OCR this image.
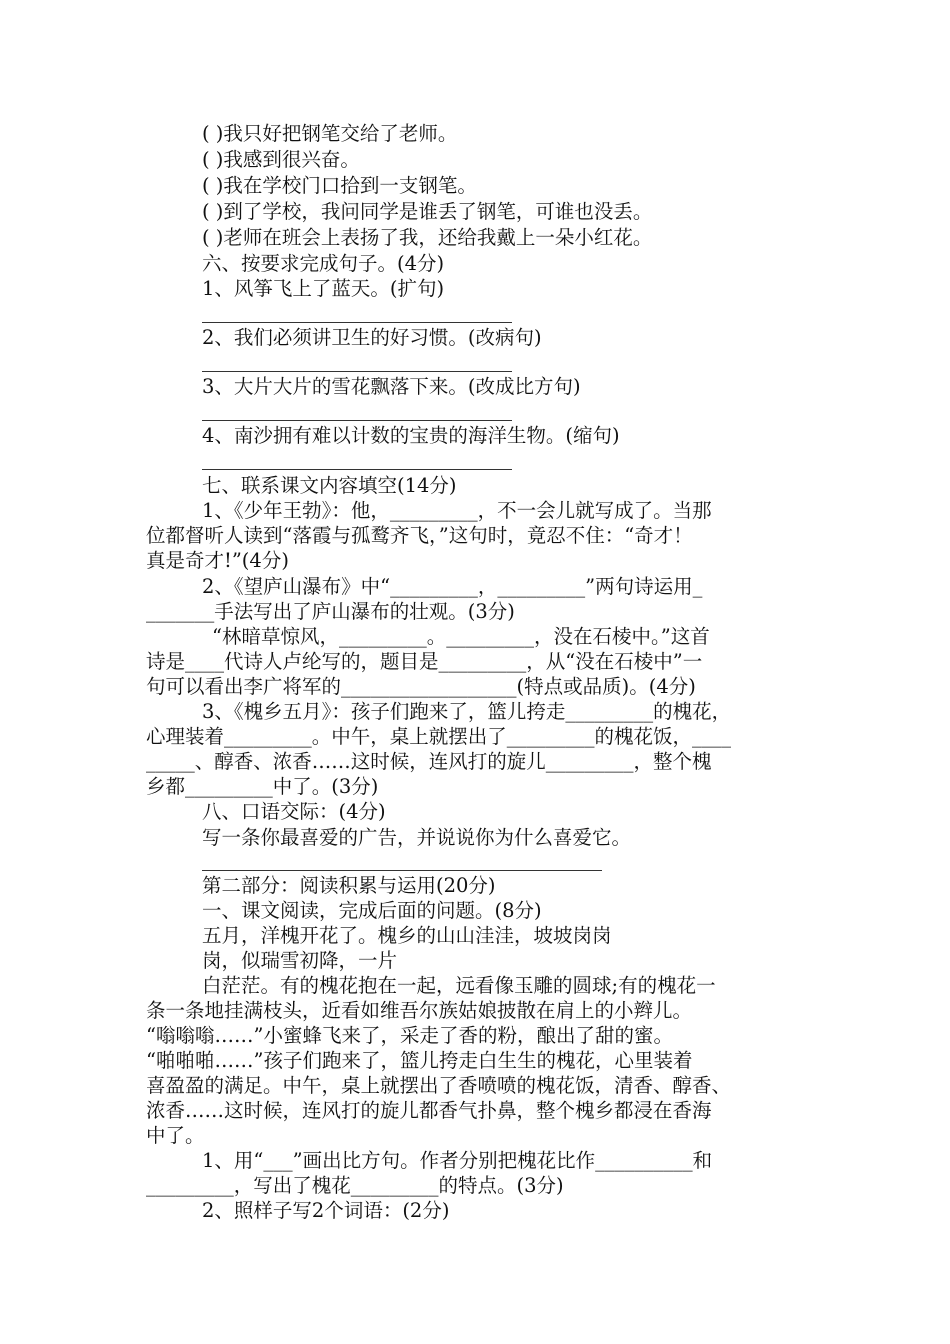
( )我只好把钢笔交给了老师。
( )我感到很兴奋。
( )我在学校门口拾到一支钢笔。
( )到了学校，我问同学是谁丢了钢笔，可谁也没丢。
( )老师在班会上表扬了我，还给我戴上一朵小红花。
六、按要求完成句子。(4分)
1、风筝飞上了蓝天。(扩句)
2、我们必须讲卫生的好习惯。(改病句)
3、大片大片的雪花飘落下来。(改成比方句)
4、南沙拥有难以计数的宝贵的海洋生物。(缩句)
七、联系课文内容填空(14分)
1、《少年王勃》：他，_________，不一会儿就写成了。当那
位都督听人读到“落霞与孤鹜齐飞，”这句时，竟忍不住：“奇才！
真是奇才!”(4分)
2、《望庐山瀑布》中“_________，_________”两句诗运用_
_______手法写出了庐山瀑布的壮观。(3分)
“林暗草惊风，_________。_________，没在石棱中。”这首
诗是____代诗人卢纶写的，题目是_________，从“没在石棱中”一
句可以看出李广将军的__________________(特点或品质)。(4分)
3、《槐乡五月》：孩子们跑来了，篮儿挎走_________的槐花，
心理装着_________。中午，桌上就摆出了_________的槐花饭，____
_____、醇香、浓香……这时候，连风打的旋儿_________，整个槐
乡都_________中了。(3分)
八、口语交际：(4分)
写一条你最喜爱的广告，并说说你为什么喜爱它。
第二部分：阅读积累与运用(20分)
一、课文阅读，完成后面的问题。(8分)
五月，洋槐开花了。槐乡的山山洼洼，坡坡岗岗
岗，似瑞雪初降，一片
白茫茫。有的槐花抱在一起，远看像玉雕的圆球;有的槐花一
条一条地挂满枝头，近看如维吾尔族姑娘披散在肩上的小辫儿。
“嗡嗡嗡……”小蜜蜂飞来了，采走了香的粉，酿出了甜的蜜。
“啪啪啪……”孩子们跑来了，篮儿挎走白生生的槐花，心里装着
喜盈盈的满足。中午，桌上就摆出了香喷喷的槐花饭，清香、醇香、
浓香……这时候，连风打的旋儿都香气扑鼻，整个槐乡都浸在香海
中了。
1、用“___”画出比方句。作者分别把槐花比作__________和
_________，写出了槐花_________的特点。(3分)
2、照样子写2个词语：(2分)
